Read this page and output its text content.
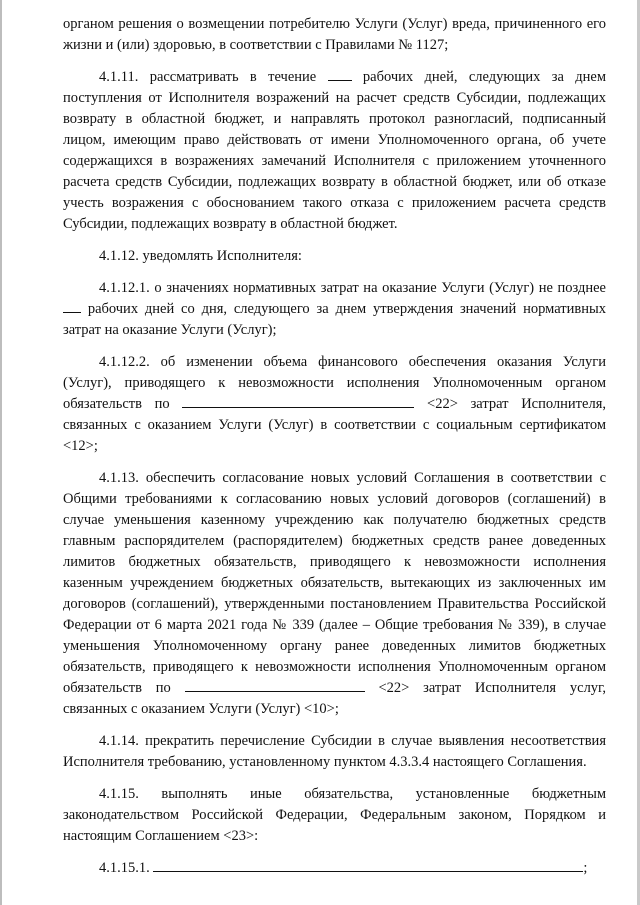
органом решения о возмещении потребителю Услуги (Услуг) вреда, причиненного его жизни и (или) здоровью, в соответствии с Правилами № 1127;

4.1.11. рассматривать в течение  рабочих дней, следующих за днем поступления от Исполнителя возражений на расчет средств Субсидии, подлежащих возврату в областной бюджет, и направлять протокол разногласий, подписанный лицом, имеющим право действовать от имени Уполномоченного органа, об учете содержащихся в возражениях замечаний Исполнителя с приложением уточненного расчета средств Субсидии, подлежащих возврату в областной бюджет, или об отказе учесть возражения с обоснованием такого отказа с приложением расчета средств Субсидии, подлежащих возврату в областной бюджет.

4.1.12. уведомлять Исполнителя:

4.1.12.1. о значениях нормативных затрат на оказание Услуги (Услуг) не позднее  рабочих дней со дня, следующего за днем утверждения значений нормативных затрат на оказание Услуги (Услуг);

4.1.12.2. об изменении объема финансового обеспечения оказания Услуги (Услуг), приводящего к невозможности исполнения Уполномоченным органом обязательств по	<22> затрат Исполнителя, связанных с оказанием Услуги (Услуг) в соответствии с социальным сертификатом <12>;

4.1.13. обеспечить согласование новых условий Соглашения в соответствии с Общими требованиями к согласованию новых условий договоров (соглашений) в случае уменьшения казенному учреждению как получателю бюджетных средств главным распорядителем (распорядителем) бюджетных средств ранее доведенных лимитов бюджетных обязательств, приводящего к невозможности исполнения казенным учреждением бюджетных обязательств, вытекающих из заключенных им договоров (соглашений), утвержденными постановлением Правительства Российской Федерации от 6 марта 2021 года № 339 (далее – Общие требования № 339), в случае уменьшения Уполномоченному органу ранее доведенных лимитов бюджетных обязательств, приводящего к невозможности исполнения Уполномоченным органом обязательств по	<22> затрат Исполнителя услуг, связанных с оказанием Услуги (Услуг) <10>;

4.1.14. прекратить перечисление Субсидии в случае выявления несоответствия Исполнителя требованию, установленному пунктом 4.3.3.4 настоящего Соглашения.

4.1.15. выполнять иные обязательства, установленные бюджетным законодательством Российской Федерации, Федеральным законом, Порядком и настоящим Соглашением <23>:

4.1.15.1.	;
